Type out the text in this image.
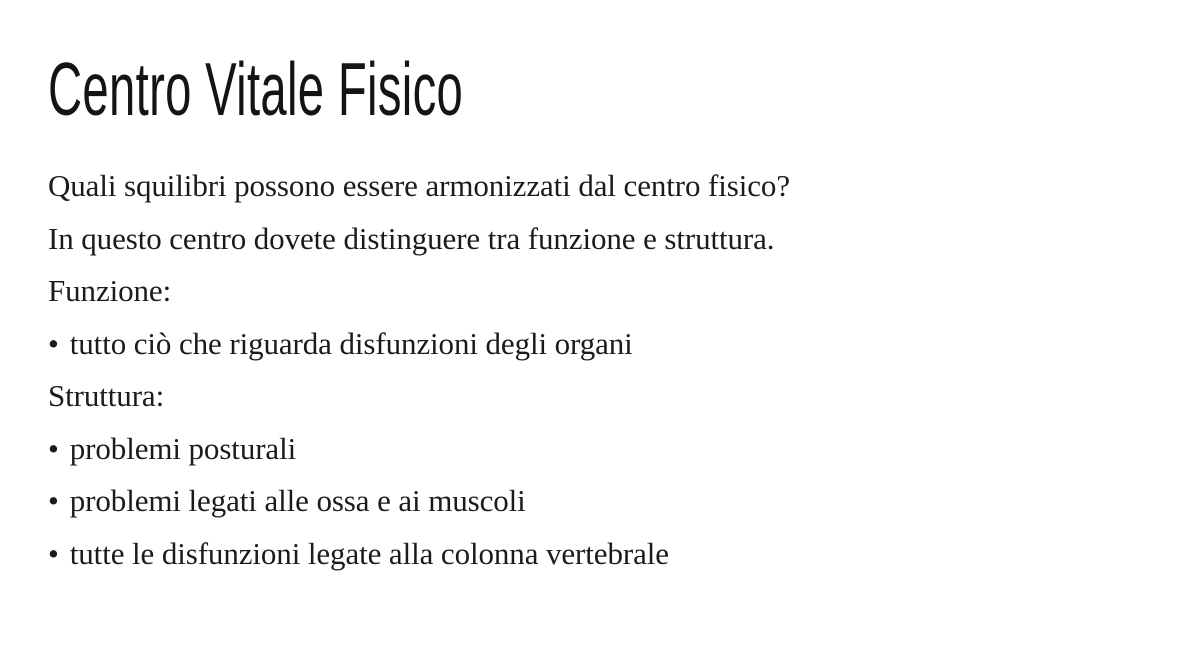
Centro Vitale Fisico
Quali squilibri possono essere armonizzati dal centro fisico?
In questo centro dovete distinguere tra funzione e struttura.
Funzione:
• tutto ciò che riguarda disfunzioni degli organi
Struttura:
• problemi posturali
• problemi legati alle ossa e ai muscoli
• tutte le disfunzioni legate alla colonna vertebrale
